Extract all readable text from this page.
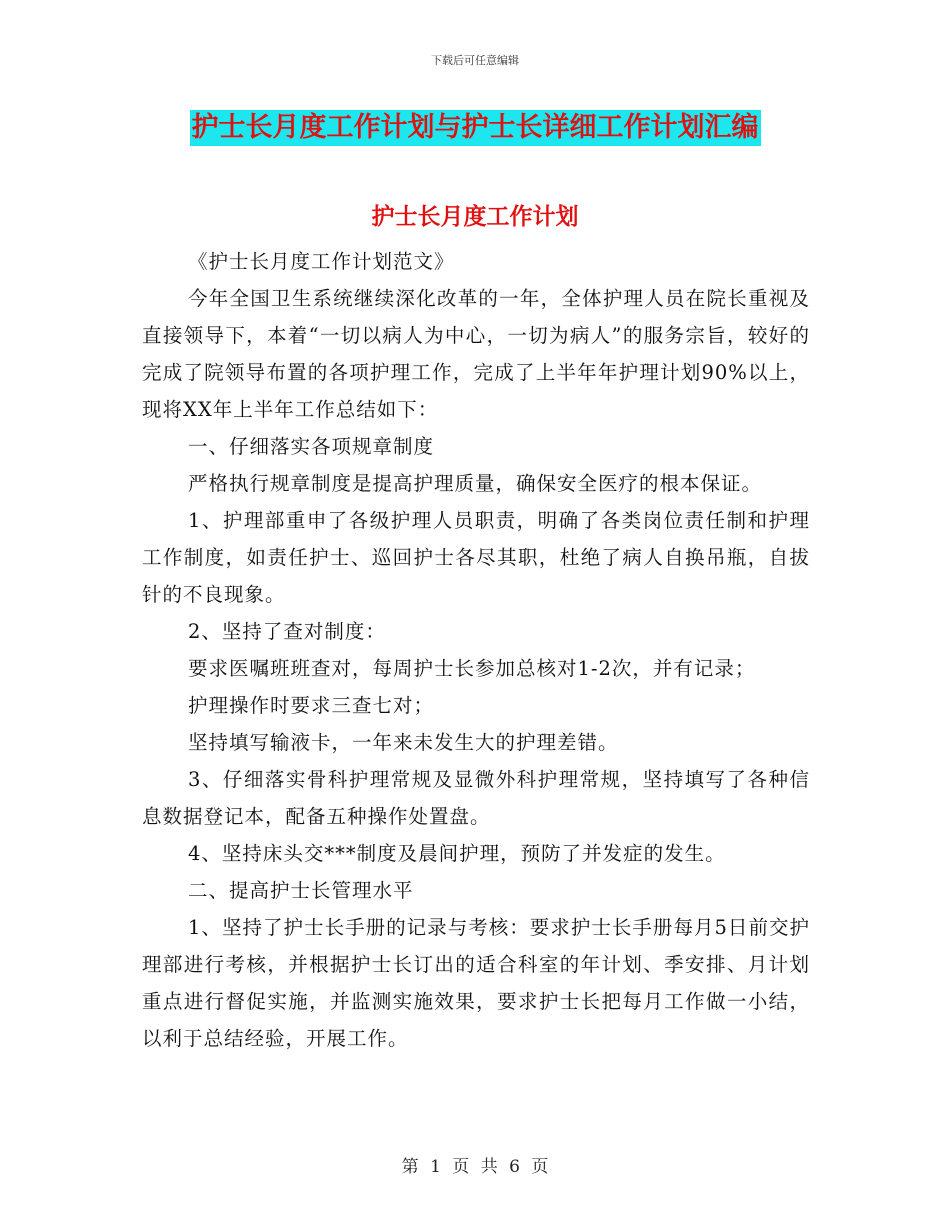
下载后可任意编辑
护士长月度工作计划与护士长详细工作计划汇编
护士长月度工作计划

《护士长月度工作计划范文》

今年全国卫生系统继续深化改革的一年，全体护理人员在院长重视及直接领导下，本着“一切以病人为中心，一切为病人”的服务宗旨，较好的完成了院领导布置的各项护理工作，完成了上半年年护理计划90%以上，现将XX年上半年工作总结如下：

一、仔细落实各项规章制度

严格执行规章制度是提高护理质量，确保安全医疗的根本保证。

1、护理部重申了各级护理人员职责，明确了各类岗位责任制和护理工作制度，如责任护士、巡回护士各尽其职，杜绝了病人自换吊瓶，自拔针的不良现象。

2、坚持了查对制度：

要求医嘱班班查对，每周护士长参加总核对1-2次，并有记录；

护理操作时要求三查七对；

坚持填写输液卡，一年来未发生大的护理差错。

3、仔细落实骨科护理常规及显微外科护理常规，坚持填写了各种信息数据登记本，配备五种操作处置盘。

4、坚持床头交***制度及晨间护理，预防了并发症的发生。

二、提高护士长管理水平

1、坚持了护士长手册的记录与考核：要求护士长手册每月5日前交护理部进行考核，并根据护士长订出的适合科室的年计划、季安排、月计划重点进行督促实施，并监测实施效果，要求护士长把每月工作做一小结，以利于总结经验，开展工作。

第 1 页 共 6 页
